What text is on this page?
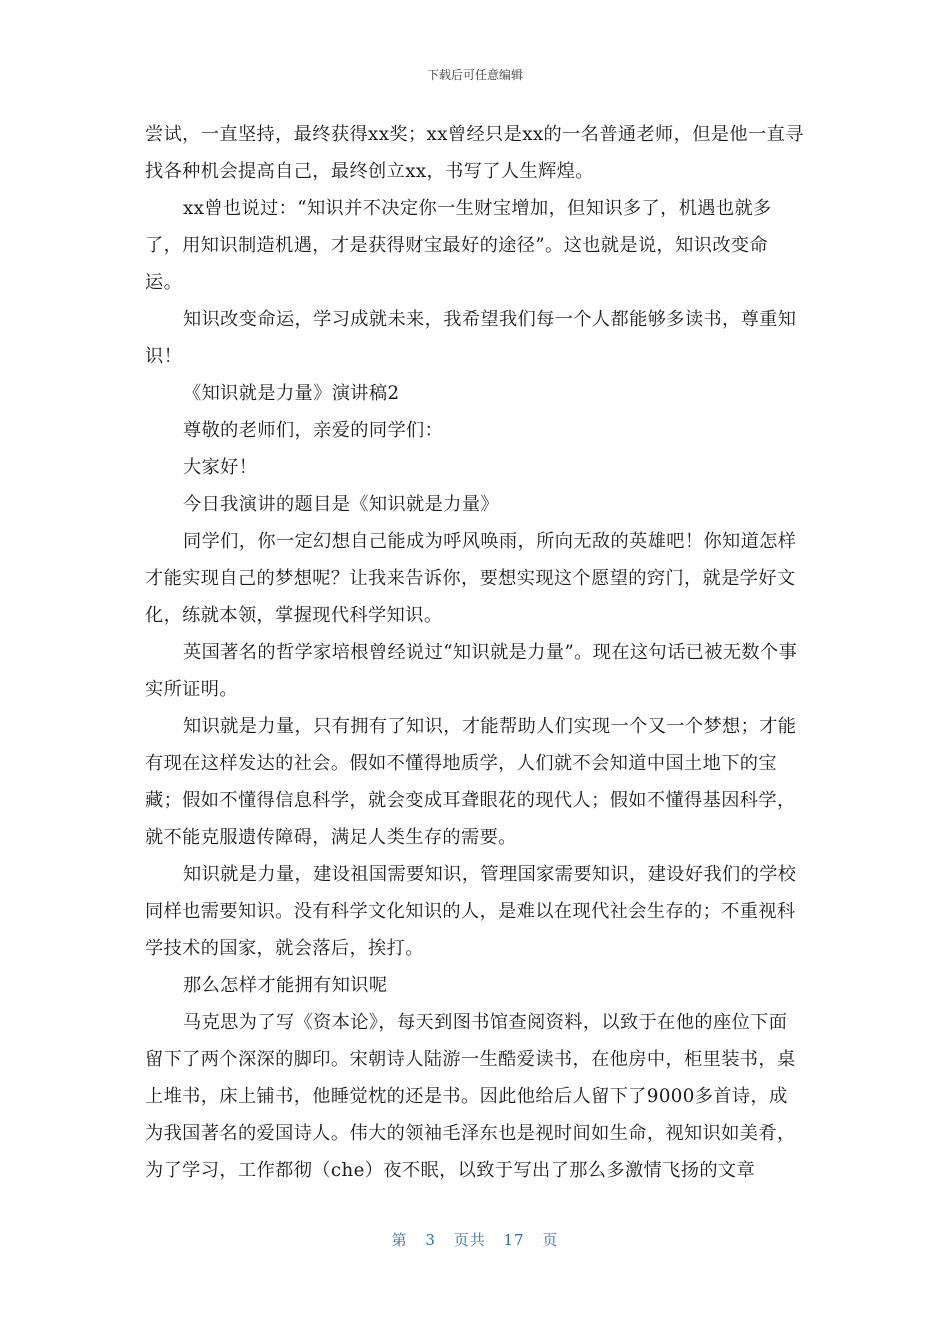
下载后可任意编辑

尝试，一直坚持，最终获得xx奖；xx曾经只是xx的一名普通老师，但是他一直寻找各种机会提高自己，最终创立xx，书写了人生辉煌。

xx曾也说过：“知识并不决定你一生财宝增加，但知识多了，机遇也就多了，用知识制造机遇，才是获得财宝最好的途径”。这也就是说，知识改变命运。

知识改变命运，学习成就未来，我希望我们每一个人都能够多读书，尊重知识！

《知识就是力量》演讲稿2

尊敬的老师们，亲爱的同学们：

大家好！

今日我演讲的题目是《知识就是力量》

同学们，你一定幻想自己能成为呼风唤雨，所向无敌的英雄吧！你知道怎样才能实现自己的梦想呢？让我来告诉你，要想实现这个愿望的窍门，就是学好文化，练就本领，掌握现代科学知识。

英国著名的哲学家培根曾经说过“知识就是力量”。现在这句话已被无数个事实所证明。

知识就是力量，只有拥有了知识，才能帮助人们实现一个又一个梦想；才能有现在这样发达的社会。假如不懂得地质学，人们就不会知道中国土地下的宝藏；假如不懂得信息科学，就会变成耳聋眼花的现代人；假如不懂得基因科学，就不能克服遗传障碍，满足人类生存的需要。

知识就是力量，建设祖国需要知识，管理国家需要知识，建设好我们的学校同样也需要知识。没有科学文化知识的人，是难以在现代社会生存的；不重视科学技术的国家，就会落后，挨打。

那么怎样才能拥有知识呢

马克思为了写《资本论》，每天到图书馆查阅资料，以致于在他的座位下面留下了两个深深的脚印。宋朝诗人陆游一生酷爱读书，在他房中，柜里装书，桌上堆书，床上铺书，他睡觉枕的还是书。因此他给后人留下了9000多首诗，成为我国著名的爱国诗人。伟大的领袖毛泽东也是视时间如生命，视知识如美肴，为了学习，工作都彻（che）夜不眠，以致于写出了那么多激情飞扬的文章

第 3 页共 17 页
